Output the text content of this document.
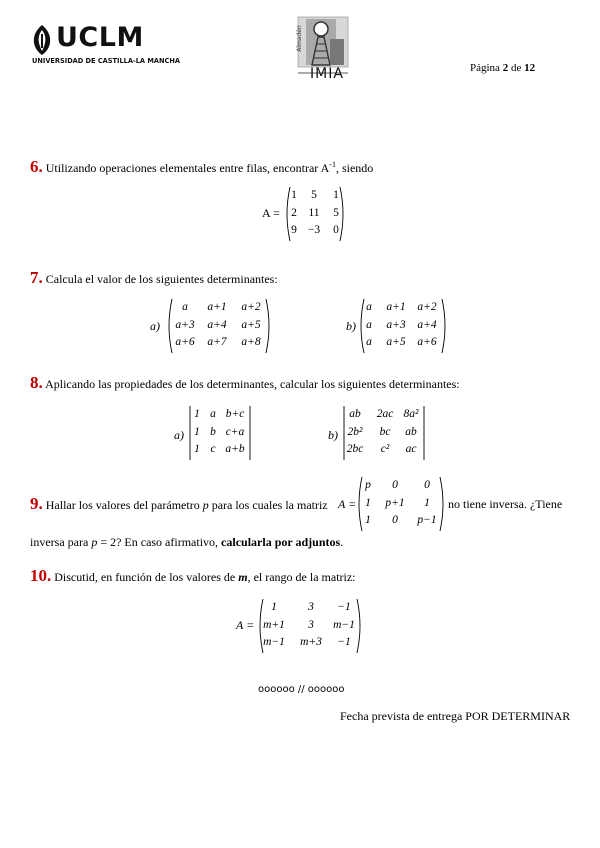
UCLM
UNIVERSIDAD DE CASTILLA-LA MANCHA
IMIA
Almadén
Página 2 de 12
6. Utilizando operaciones elementales entre filas, encontrar $A^{-1}$, siendo
A =
1 5 1
2 11 5
9 −3 0
7. Calcula el valor de los siguientes determinantes:
a)
a a+1 a+2
a+3 a+4 a+5
a+6 a+7 a+8
b)
a a+1 a+2
a a+3 a+4
a a+5 a+6
8. Aplicando las propiedades de los determinantes, calcular los siguientes determinantes:
a)
1 a b+c
1 b c+a
1 c a+b
b)
ab 2ac 8a²
2b² bc ab
2bc c² ac
9. Hallar los valores del parámetro p para los cuales la matriz A =
p 0 0
1 p+1 1
1 0 p−1
no tiene inversa. ¿Tiene
inversa para p = 2? En caso afirmativo, calcularla por adjuntos.
10. Discutid, en función de los valores de m, el rango de la matriz:
A =
1	3 −1
m+1 3 m−1
m−1 m+3 −1
oooooo // oooooo
Fecha prevista de entrega POR DETERMINAR
